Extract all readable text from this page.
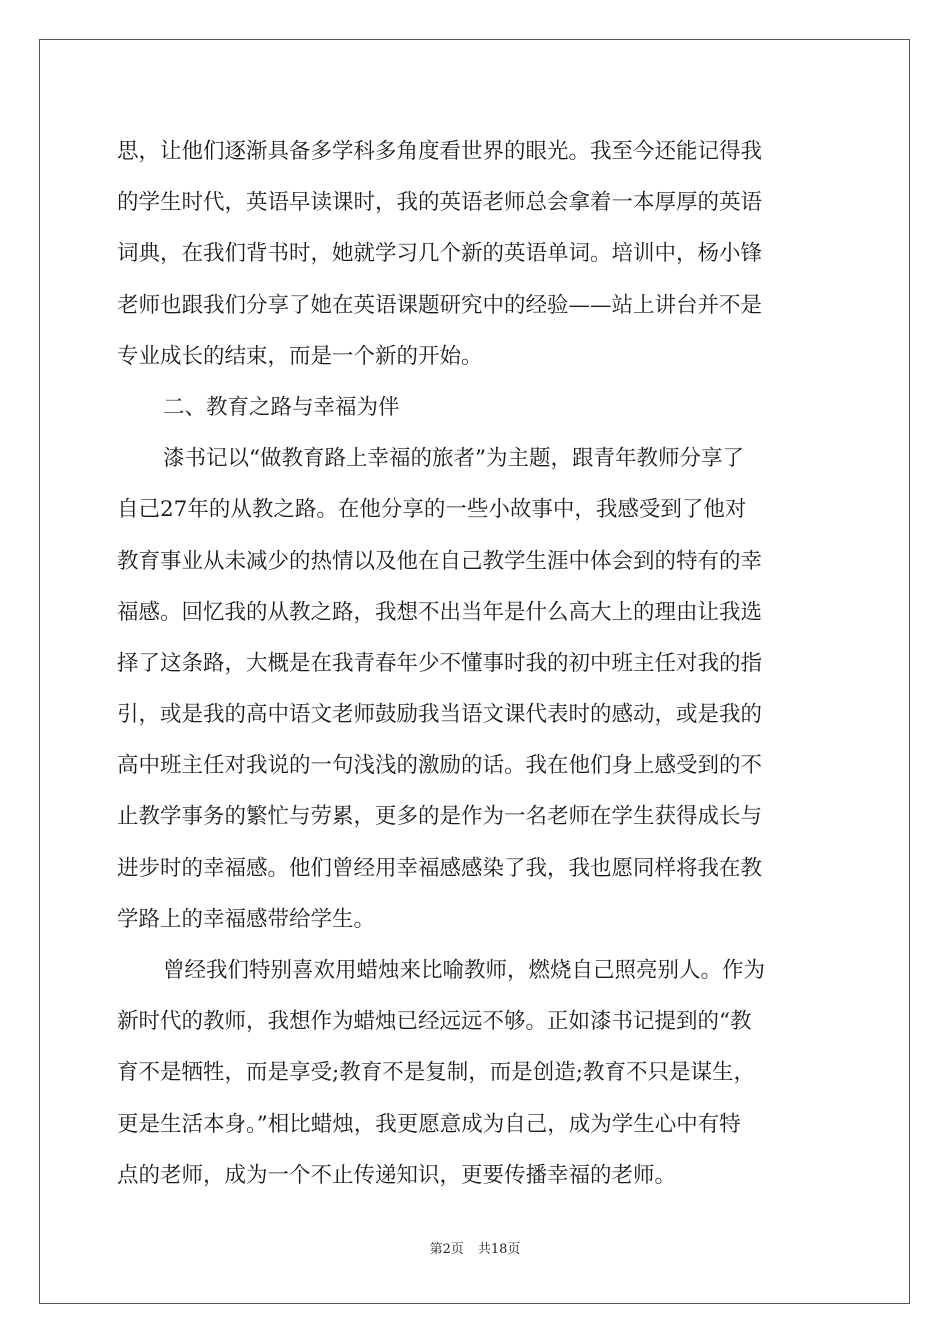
思，让他们逐渐具备多学科多角度看世界的眼光。我至今还能记得我
的学生时代，英语早读课时，我的英语老师总会拿着一本厚厚的英语
词典，在我们背书时，她就学习几个新的英语单词。培训中，杨小锋
老师也跟我们分享了她在英语课题研究中的经验——站上讲台并不是
专业成长的结束，而是一个新的开始。
二、教育之路与幸福为伴
漆书记以“做教育路上幸福的旅者”为主题，跟青年教师分享了
自己27年的从教之路。在他分享的一些小故事中，我感受到了他对
教育事业从未减少的热情以及他在自己教学生涯中体会到的特有的幸
福感。回忆我的从教之路，我想不出当年是什么高大上的理由让我选
择了这条路，大概是在我青春年少不懂事时我的初中班主任对我的指
引，或是我的高中语文老师鼓励我当语文课代表时的感动，或是我的
高中班主任对我说的一句浅浅的激励的话。我在他们身上感受到的不
止教学事务的繁忙与劳累，更多的是作为一名老师在学生获得成长与
进步时的幸福感。他们曾经用幸福感感染了我，我也愿同样将我在教
学路上的幸福感带给学生。
曾经我们特别喜欢用蜡烛来比喻教师，燃烧自己照亮别人。作为
新时代的教师，我想作为蜡烛已经远远不够。正如漆书记提到的“教
育不是牺牲，而是享受;教育不是复制，而是创造;教育不只是谋生，
更是生活本身。”相比蜡烛，我更愿意成为自己，成为学生心中有特
点的老师，成为一个不止传递知识，更要传播幸福的老师。
第2页 共18页
